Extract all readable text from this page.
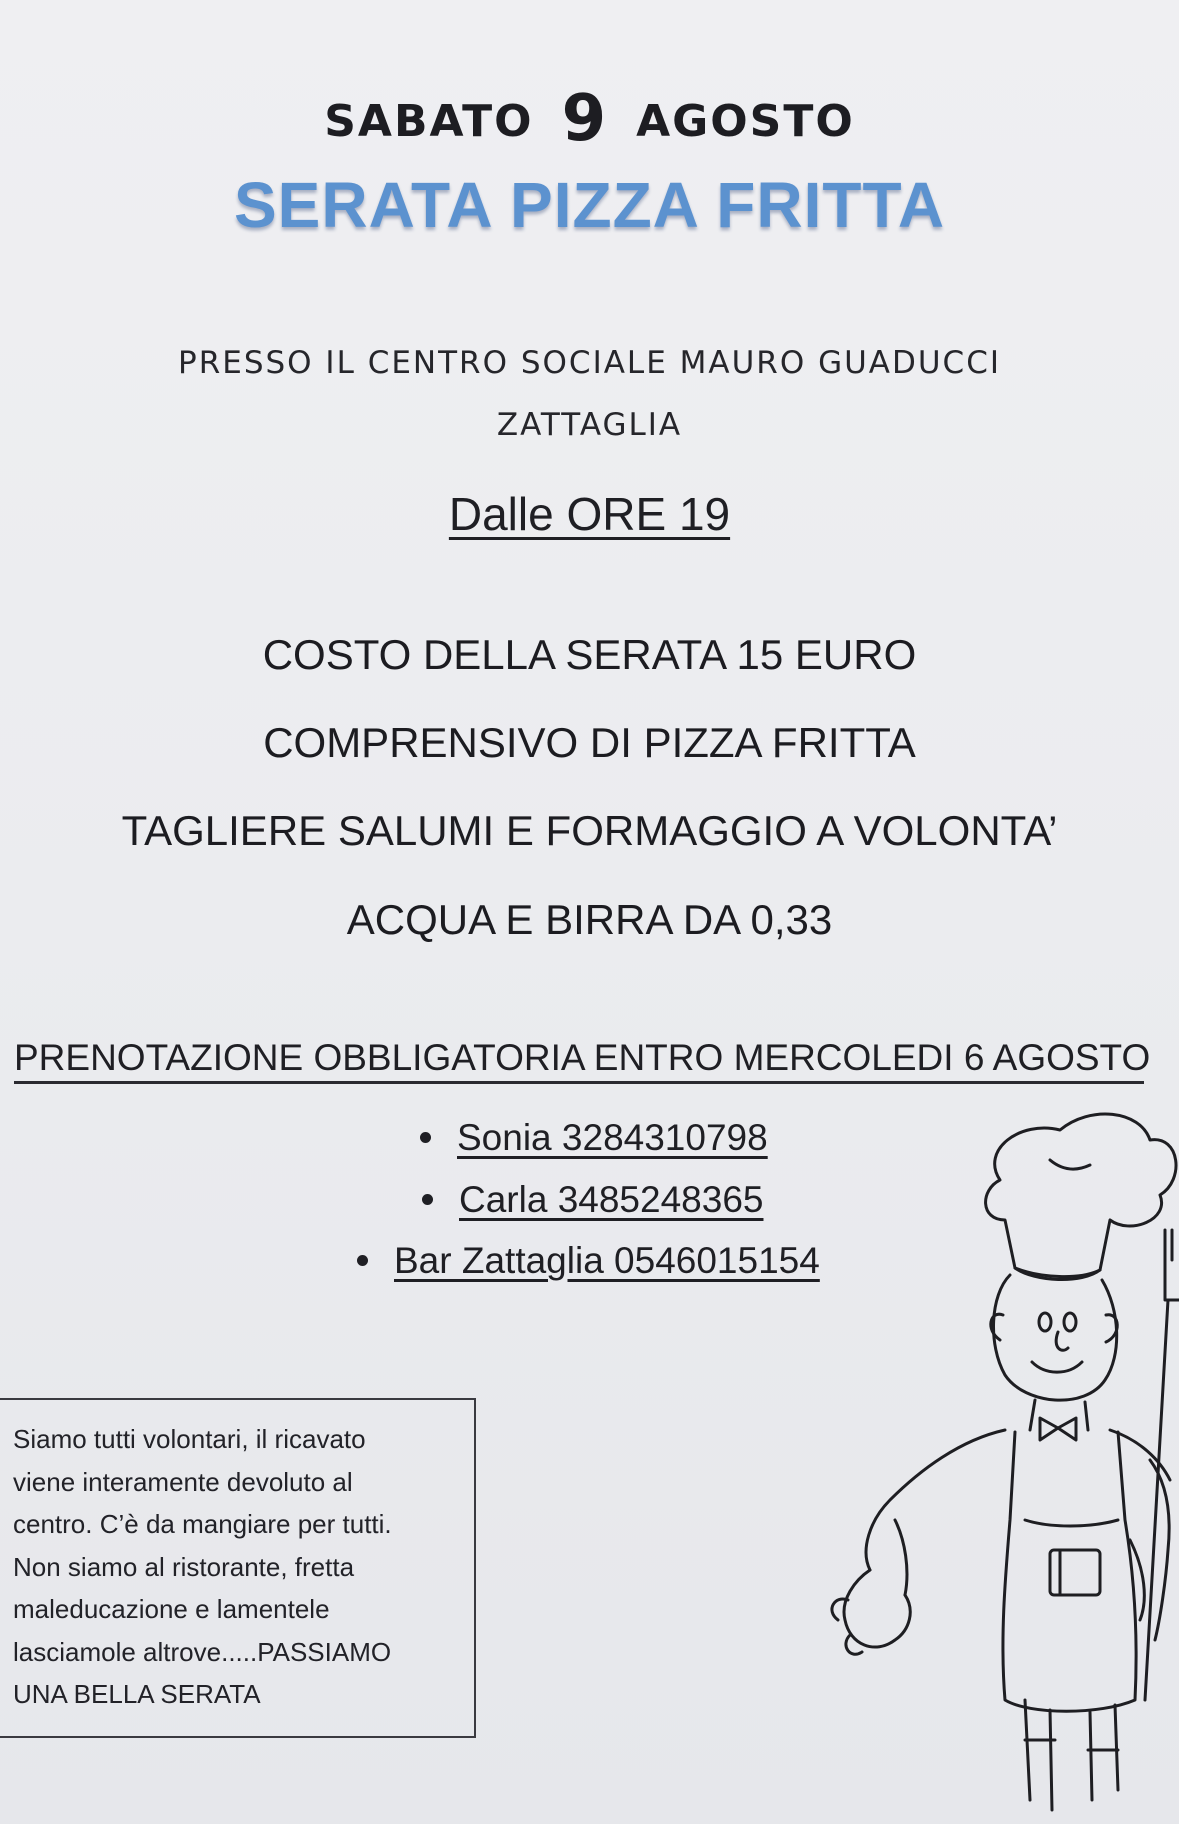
SABATO 9 AGOSTO
SERATA PIZZA FRITTA
PRESSO IL CENTRO SOCIALE MAURO GUADUCCI
ZATTAGLIA
Dalle ORE 19
COSTO DELLA SERATA 15 EURO
COMPRENSIVO DI PIZZA FRITTA
TAGLIERE SALUMI E FORMAGGIO A VOLONTA’
ACQUA E BIRRA DA 0,33
PRENOTAZIONE OBBLIGATORIA ENTRO MERCOLEDI 6 AGOSTO
Sonia 3284310798
Carla 3485248365
Bar Zattaglia 0546015154
Siamo tutti volontari, il ricavato
viene interamente devoluto al
centro. C’è da mangiare per tutti.
Non siamo al ristorante, fretta
maleducazione e lamentele
lasciamole altrove.....PASSIAMO
UNA BELLA SERATA
